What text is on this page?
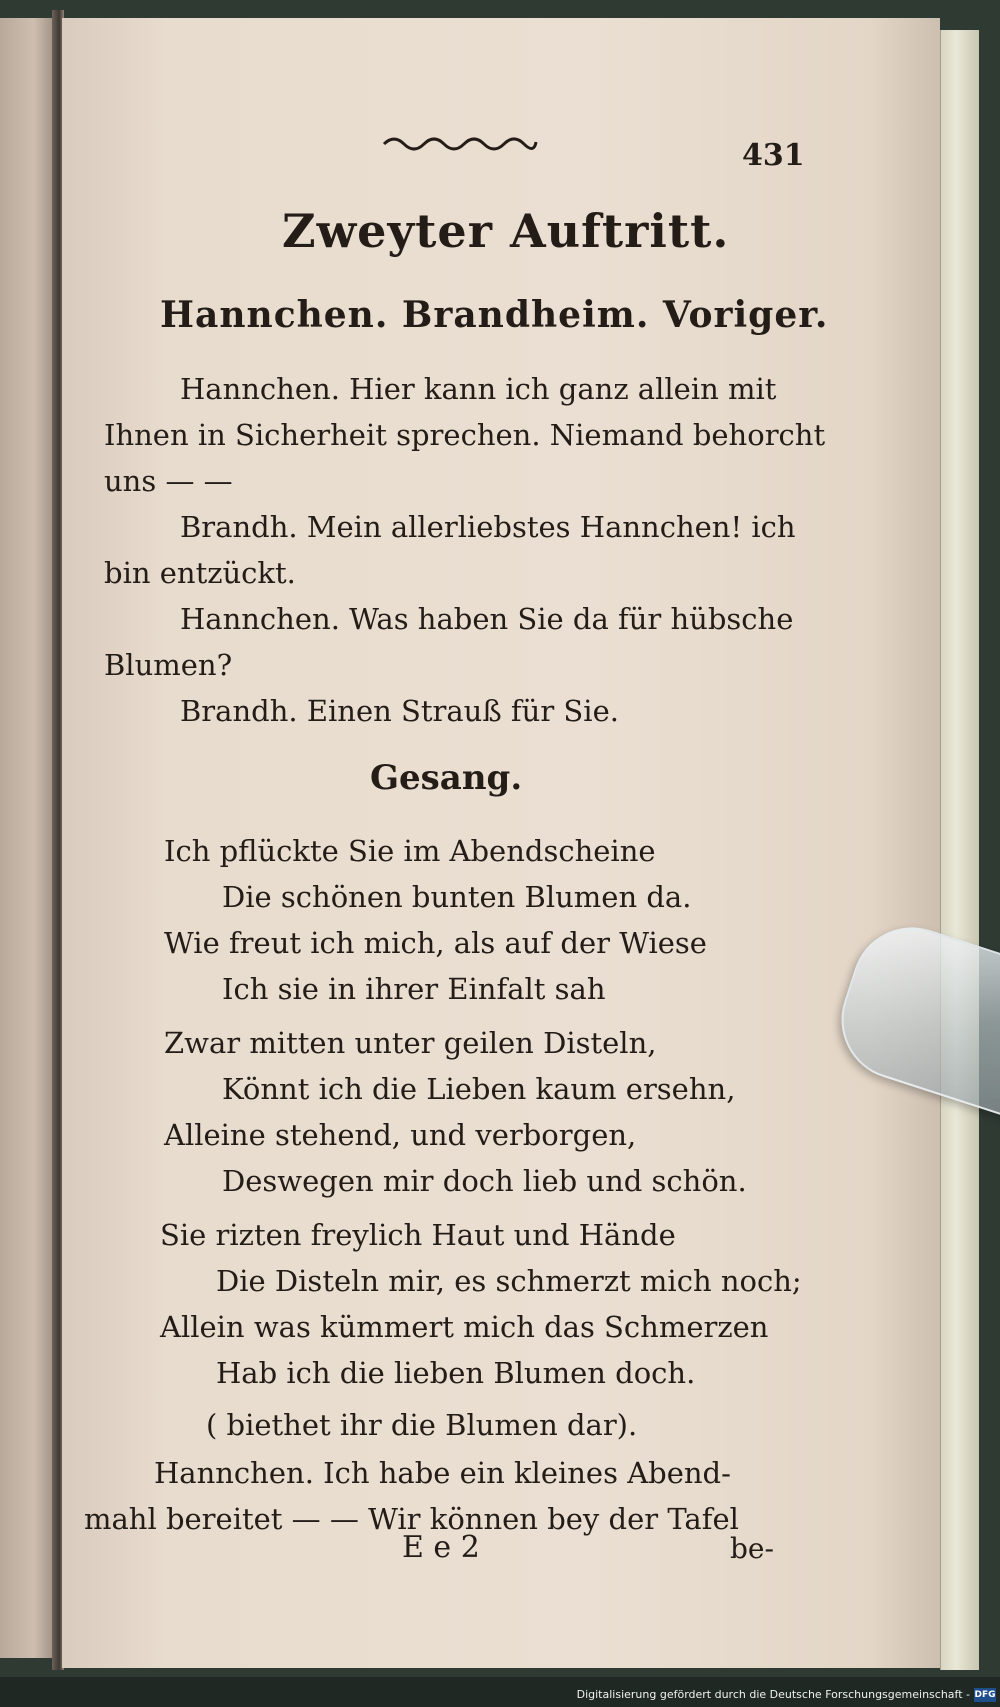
431
Zweyter Auftritt.
Hannchen. Brandheim. Voriger.
Hannchen. Hier kann ich ganz allein mit
Ihnen in Sicherheit sprechen. Niemand behorcht
uns — —
Brandh. Mein allerliebstes Hannchen! ich
bin entzückt.
Hannchen. Was haben Sie da für hübsche
Blumen?
Brandh. Einen Strauß für Sie.
Gesang.
Ich pflückte Sie im Abendscheine
Die schönen bunten Blumen da.
Wie freut ich mich, als auf der Wiese
Ich sie in ihrer Einfalt sah
Zwar mitten unter geilen Disteln,
Könnt ich die Lieben kaum ersehn,
Alleine stehend, und verborgen,
Deswegen mir doch lieb und schön.
Sie rizten freylich Haut und Hände
Die Disteln mir, es schmerzt mich noch;
Allein was kümmert mich das Schmerzen
Hab ich die lieben Blumen doch.
( biethet ihr die Blumen dar).
Hannchen. Ich habe ein kleines Abend-
mahl bereitet — — Wir können bey der Tafel
E e 2	be-
Digitalisierung gefördert durch die Deutsche Forschungsgemeinschaft - DFG
